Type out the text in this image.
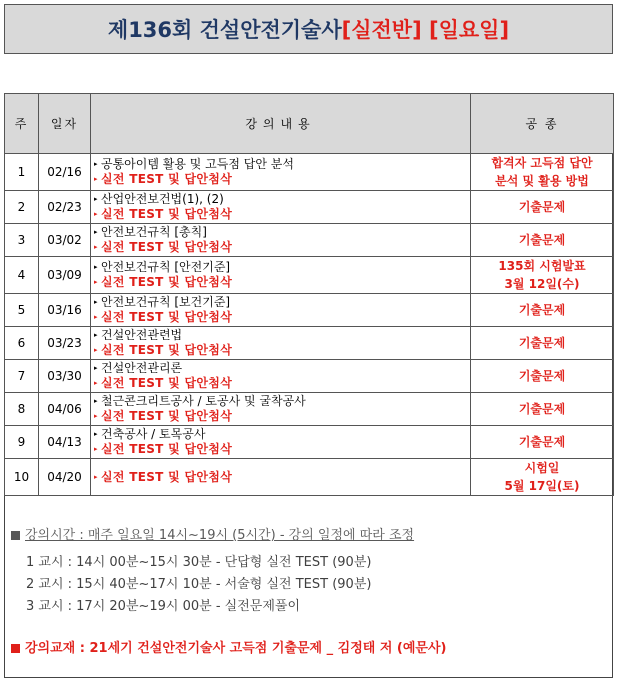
제136회 건설안전기술사 [실전반]
[일요일]
주	일자	강의내용	공 종
1	02/16	▸ 공통아이템 활용 및 고득점 답안 분석
▸ 실전 TEST 및 답안첨삭	합격자 고득점 답안
분석 및 활용 방법

2	02/23	▸ 산업안전보건법(1), (2)
▸ 실전 TEST 및 답안첨삭	기출문제

3	03/02	▸ 안전보건규칙 [총칙]
▸ 실전 TEST 및 답안첨삭	기출문제

4	03/09	▸ 안전보건규칙 [안전기준]
▸ 실전 TEST 및 답안첨삭	135회 시험발표
3월 12일(수)

5	03/16	▸ 안전보건규칙 [보건기준]
▸ 실전 TEST 및 답안첨삭	기출문제

6	03/23	▸ 건설안전관련법
▸ 실전 TEST 및 답안첨삭	기출문제

7	03/30	▸ 건설안전관리론
▸ 실전 TEST 및 답안첨삭	기출문제

8	04/06	▸ 철근콘크리트공사 / 토공사 및 굴착공사
▸ 실전 TEST 및 답안첨삭	기출문제

9	04/13	▸ 건축공사 / 토목공사
▸ 실전 TEST 및 답안첨삭	기출문제

10	04/20	▸ 실전 TEST 및 답안첨삭	시험일
5월 17일(토)
강의시간 : 매주 일요일 14시~19시 (5시간) - 강의 일정에 따라 조정
1 교시 : 14시 00분~15시 30분 - 단답형 실전 TEST (90분)
2 교시 : 15시 40분~17시 10분 - 서술형 실전 TEST (90분)
3 교시 : 17시 20분~19시 00분 - 실전문제풀이
강의교재 : 21세기 건설안전기술사 고득점 기출문제 _ 김정태 저 (예문사)
